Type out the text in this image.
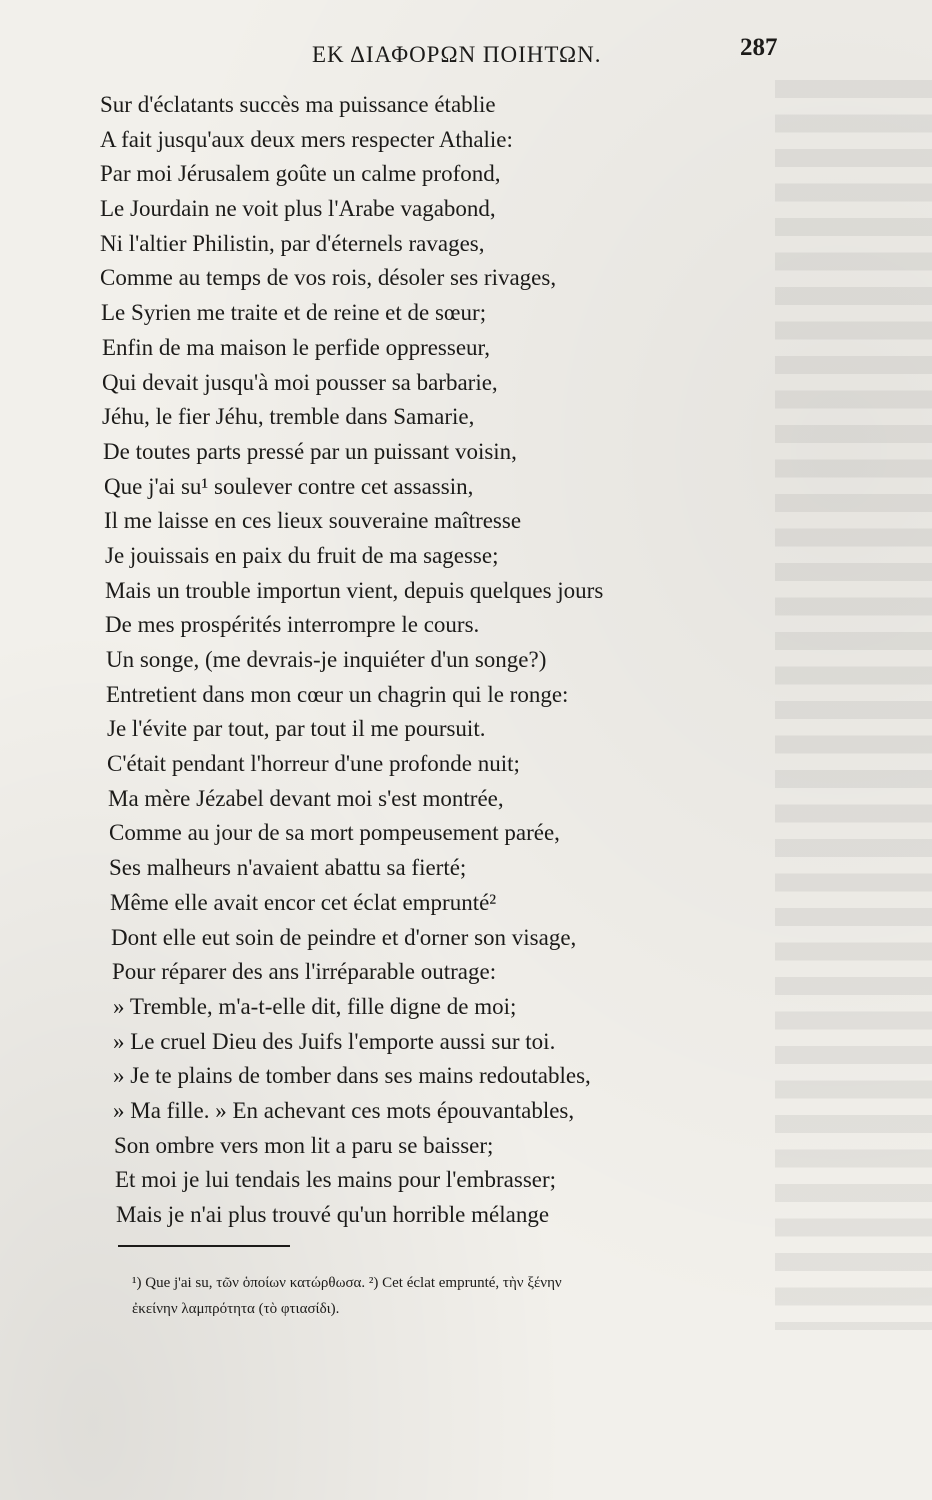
ΕΚ ΔΙΑΦΟΡΩΝ ΠΟΙΗΤΩΝ.	287
Sur d'éclatants succès ma puissance établie
A fait jusqu'aux deux mers respecter Athalie:
Par moi Jérusalem goûte un calme profond,
Le Jourdain ne voit plus l'Arabe vagabond,
Ni l'altier Philistin, par d'éternels ravages,
Comme au temps de vos rois, désoler ses rivages,
Le Syrien me traite et de reine et de sœur;
Enfin de ma maison le perfide oppresseur,
Qui devait jusqu'à moi pousser sa barbarie,
Jéhu, le fier Jéhu, tremble dans Samarie,
De toutes parts pressé par un puissant voisin,
Que j'ai su¹ soulever contre cet assassin,
Il me laisse en ces lieux souveraine maîtresse
Je jouissais en paix du fruit de ma sagesse;
Mais un trouble importun vient, depuis quelques jours
De mes prospérités interrompre le cours.
Un songe, (me devrais-je inquiéter d'un songe?)
Entretient dans mon cœur un chagrin qui le ronge:
Je l'évite par tout, par tout il me poursuit.
C'était pendant l'horreur d'une profonde nuit;
Ma mère Jézabel devant moi s'est montrée,
Comme au jour de sa mort pompeusement parée,
Ses malheurs n'avaient abattu sa fierté;
Même elle avait encor cet éclat emprunté²
Dont elle eut soin de peindre et d'orner son visage,
Pour réparer des ans l'irréparable outrage:
» Tremble, m'a-t-elle dit, fille digne de moi;
» Le cruel Dieu des Juifs l'emporte aussi sur toi.
» Je te plains de tomber dans ses mains redoutables,
» Ma fille. » En achevant ces mots épouvantables,
Son ombre vers mon lit a paru se baisser;
Et moi je lui tendais les mains pour l'embrasser;
Mais je n'ai plus trouvé qu'un horrible mélange
¹) Que j'ai su, τῶν ὁποίων κατώρθωσα. ²) Cet éclat emprunté, τὴν ξένην
ἐκείνην λαμπρότητα (τὸ φτιασίδι).
